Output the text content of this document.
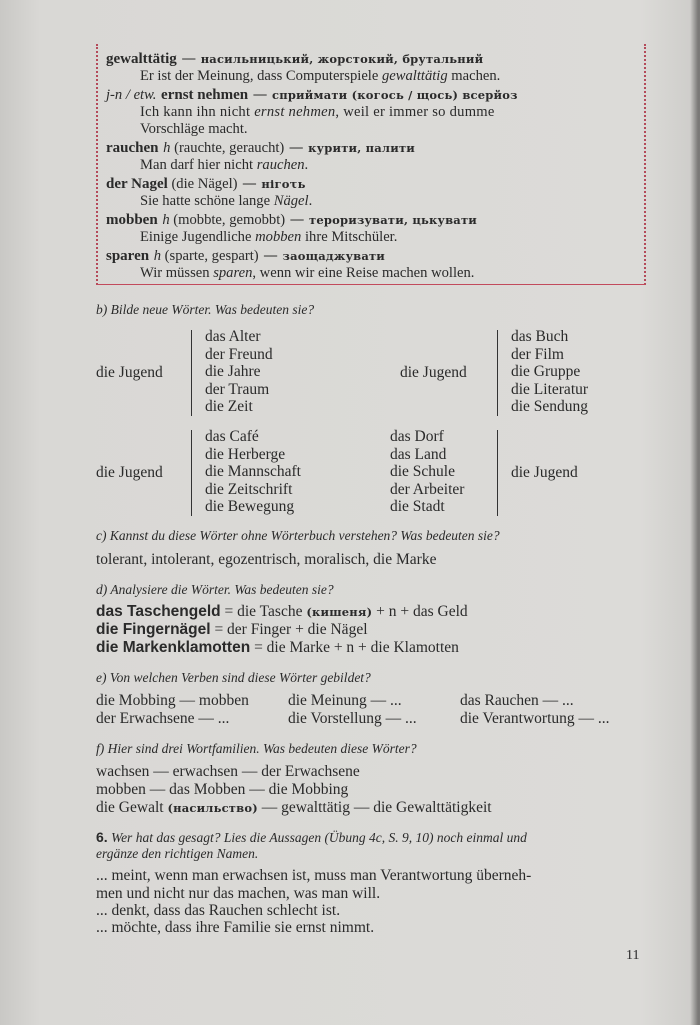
gewalttätig — насильницький, жорстокий, брутальний
Er ist der Meinung, dass Computerspiele gewalttätig machen.
j-n / etw. ernst nehmen — сприймати (когось / щось) всерйоз
Ich kann ihn nicht ernst nehmen, weil er immer so dumme
Vorschläge macht.
rauchen h (rauchte, geraucht) — курити, палити
Man darf hier nicht rauchen.
der Nagel (die Nägel) — нігоτь
Sie hatte schöne lange Nägel.
mobben h (mobbte, gemobbt) — тероризувати, цькувати
Einige Jugendliche mobben ihre Mitschüler.
sparen h (sparte, gespart) — заощаджувати
Wir müssen sparen, wenn wir eine Reise machen wollen.
b) Bilde neue Wörter. Was bedeuten sie?
die Jugend
das Alter
der Freund
die Jahre
der Traum
die Zeit
die Jugend
das Buch
der Film
die Gruppe
die Literatur
die Sendung
die Jugend
das Café
die Herberge
die Mannschaft
die Zeitschrift
die Bewegung
das Dorf
das Land
die Schule
der Arbeiter
die Stadt
die Jugend
c) Kannst du diese Wörter ohne Wörterbuch verstehen? Was bedeuten sie?
tolerant, intolerant, egozentrisch, moralisch, die Marke
d) Analysiere die Wörter. Was bedeuten sie?
das Taschengeld = die Tasche (кишеня) + n + das Geld
die Fingernägel = der Finger + die Nägel
die Markenklamotten = die Marke + n + die Klamotten
e) Von welchen Verben sind diese Wörter gebildet?
die Mobbing — mobben	die Meinung — ...	das Rauchen — ...
der Erwachsene — ...	die Vorstellung — ...	die Verantwortung — ...
f) Hier sind drei Wortfamilien. Was bedeuten diese Wörter?
wachsen — erwachsen — der Erwachsene
mobben — das Mobben — die Mobbing
die Gewalt (насильство) — gewalttätig — die Gewalttätigkeit
6. Wer hat das gesagt? Lies die Aussagen (Übung 4c, S. 9, 10) noch einmal und
ergänze den richtigen Namen.
... meint, wenn man erwachsen ist, muss man Verantwortung überneh-
men und nicht nur das machen, was man will.
... denkt, dass das Rauchen schlecht ist.
... möchte, dass ihre Familie sie ernst nimmt.
11
